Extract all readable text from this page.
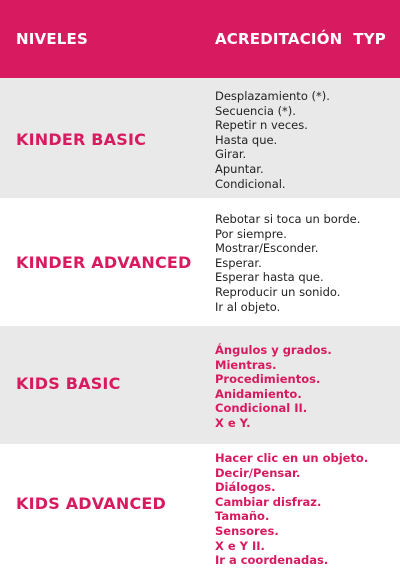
NIVELES	ACREDITACIÓN  TYP
KINDER BASIC
Desplazamiento (*).
Secuencia (*).
Repetir n veces.
Hasta que.
Girar.
Apuntar.
Condicional.
KINDER ADVANCED
Rebotar si toca un borde.
Por siempre.
Mostrar/Esconder.
Esperar.
Esperar hasta que.
Reproducir un sonido.
Ir al objeto.
KIDS BASIC
Ángulos y grados.
Mientras.
Procedimientos.
Anidamiento.
Condicional II.
X e Y.
KIDS ADVANCED
Hacer clic en un objeto.
Decir/Pensar.
Diálogos.
Cambiar disfraz.
Tamaño.
Sensores.
X e Y II.
Ir a coordenadas.
